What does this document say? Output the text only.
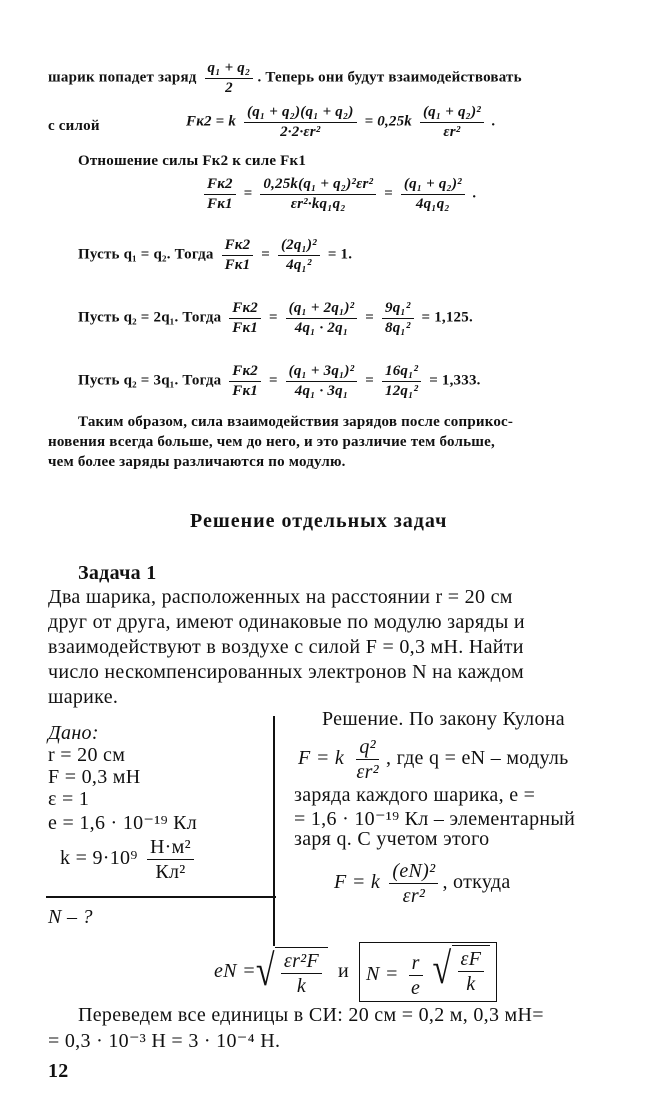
шарик попадет заряд $\frac{\text{q₁ + q₂}}{2}$ . Теперь они будут взаимодействовать
с силой	Fк2 = k $\frac{\text{(q₁ + q₂)(q₁ + q₂)}}{\text{2·2·εr²}} = 0,25k \frac{\text{(q₁ + q₂)²}}{\text{εr²}}$ .
Отношение силы Fк2 к силе Fк1
$\frac{Fк2}{Fк1} = \frac{\text{0,25k(q₁ + q₂)²εr²}}{\text{εr²·kq₁q₂}} = \frac{\text{(q₁ + q₂)²}}{\text{4q₁q₂}}$ .
Пусть q₁ = q₂. Тогда $\frac{Fк2}{Fк1} = \frac{\text{(2q₁)²}}{\text{4q₁²}} = 1$.
Пусть q₂ = 2q₁. Тогда $\frac{Fк2}{Fк1} = \frac{\text{(q₁ + 2q₁)²}}{\text{4q₁ · 2q₁}} = \frac{\text{9q₁²}}{\text{8q₁²}} = 1,125$.
Пусть q₂ = 3q₁. Тогда $\frac{Fк2}{Fк1} = \frac{\text{(q₁ + 3q₁)²}}{\text{4q₁ · 3q₁}} = \frac{\text{16q₁²}}{\text{12q₁²}} = 1,333$.
Таким образом, сила взаимодействия зарядов после соприкос-
новения всегда больше, чем до него, и это различие тем больше,
чем более заряды различаются по модулю.
Решение отдельных задач
Задача 1
Два шарика, расположенных на расстоянии r = 20 см
друг от друга, имеют одинаковые по модулю заряды и
взаимодействуют в воздухе с силой F = 0,3 мН. Найти
число нескомпенсированных электронов N на каждом
шарике.
Дано:
r = 20 см
F = 0,3 мН
ε = 1
e = 1,6 · 10⁻¹⁹ Кл
$k = 9\cdot 10^9 \frac{\text{Н·м²}}{\text{Кл²}}$
N – ?
Решение. По закону Кулона
F = k $\frac{\text{q²}}{\text{εr²}}$ , где q = eN – модуль
заряда каждого шарика, e =
= 1,6 · 10⁻¹⁹ Кл – элементарный
заря q. С учетом этого
F = k $\frac{\text{(eN)²}}{\text{εr²}}$ , откуда
eN = √ $\frac{\text{εr²F}}{k}$ и $N = \frac{r}{e}$
√ $\frac{\varepsilon F}{k}$
Переведем все единицы в СИ: 20 см = 0,2 м, 0,3 мН=
= 0,3 · 10⁻³ Н = 3 · 10⁻⁴ Н.
12
